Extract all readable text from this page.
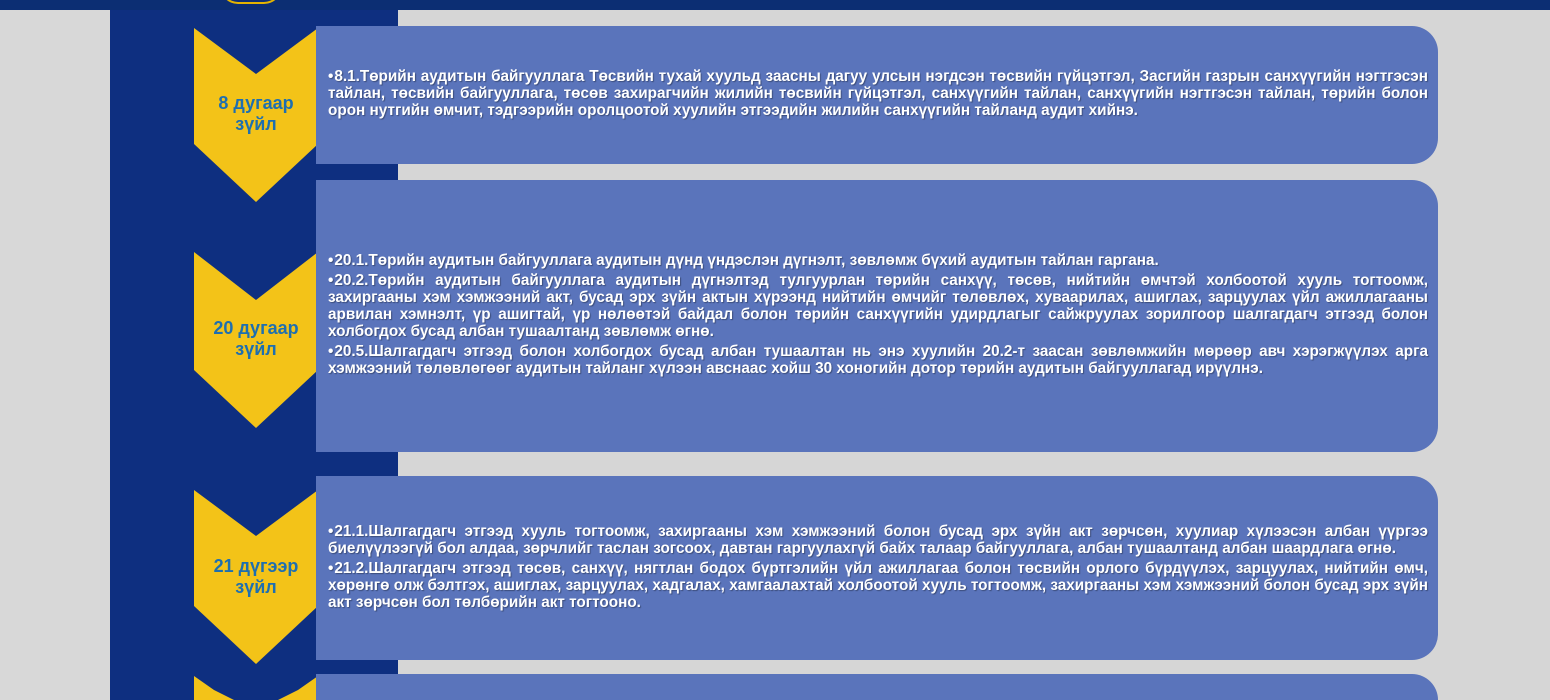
8 дугаар
зүйл

•8.1.Төрийн аудитын байгууллага Төсвийн тухай хуульд заасны дагуу улсын нэгдсэн төсвийн гүйцэтгэл, Засгийн газрын санхүүгийн нэгтгэсэн тайлан, төсвийн байгууллага, төсөв захирагчийн жилийн төсвийн гүйцэтгэл, санхүүгийн тайлан, санхүүгийн нэгтгэсэн тайлан, төрийн болон орон нутгийн өмчит, тэдгээрийн оролцоотой хуулийн этгээдийн жилийн санхүүгийн тайланд аудит хийнэ.

20 дугаар
зүйл

•20.1.Төрийн аудитын байгууллага аудитын дүнд үндэслэн дүгнэлт, зөвлөмж бүхий аудитын тайлан гаргана.

•20.2.Төрийн аудитын байгууллага аудитын дүгнэлтэд тулгуурлан төрийн санхүү, төсөв, нийтийн өмчтэй холбоотой хууль тогтоомж, захиргааны хэм хэмжээний акт, бусад эрх зүйн актын хүрээнд нийтийн өмчийг төлөвлөх, хуваарилах, ашиглах, зарцуулах үйл ажиллагааны арвилан хэмнэлт, үр ашигтай, үр нөлөөтэй байдал болон төрийн санхүүгийн удирдлагыг сайжруулах зорилгоор шалгагдагч этгээд болон холбогдох бусад албан тушаалтанд зөвлөмж өгнө.

•20.5.Шалгагдагч этгээд болон холбогдох бусад албан тушаалтан нь энэ хуулийн 20.2-т заасан зөвлөмжийн мөрөөр авч хэрэгжүүлэх арга хэмжээний төлөвлөгөөг аудитын тайланг хүлээн авснаас хойш 30 хоногийн дотор төрийн аудитын байгууллагад ирүүлнэ.

21 дүгээр
зүйл

•21.1.Шалгагдагч этгээд хууль тогтоомж, захиргааны хэм хэмжээний болон бусад эрх зүйн акт зөрчсөн, хуулиар хүлээсэн албан үүргээ биелүүлээгүй бол алдаа, зөрчлийг таслан зогсоох, давтан гаргуулахгүй байх талаар байгууллага, албан тушаалтанд албан шаардлага өгнө.

•21.2.Шалгагдагч этгээд төсөв, санхүү, нягтлан бодох бүртгэлийн үйл ажиллагаа болон төсвийн орлого бүрдүүлэх, зарцуулах, нийтийн өмч, хөрөнгө олж бэлтгэх, ашиглах, зарцуулах, хадгалах, хамгаалахтай холбоотой хууль тогтоомж, захиргааны хэм хэмжээний болон бусад эрх зүйн акт зөрчсөн бол төлбөрийн акт тогтооно.
